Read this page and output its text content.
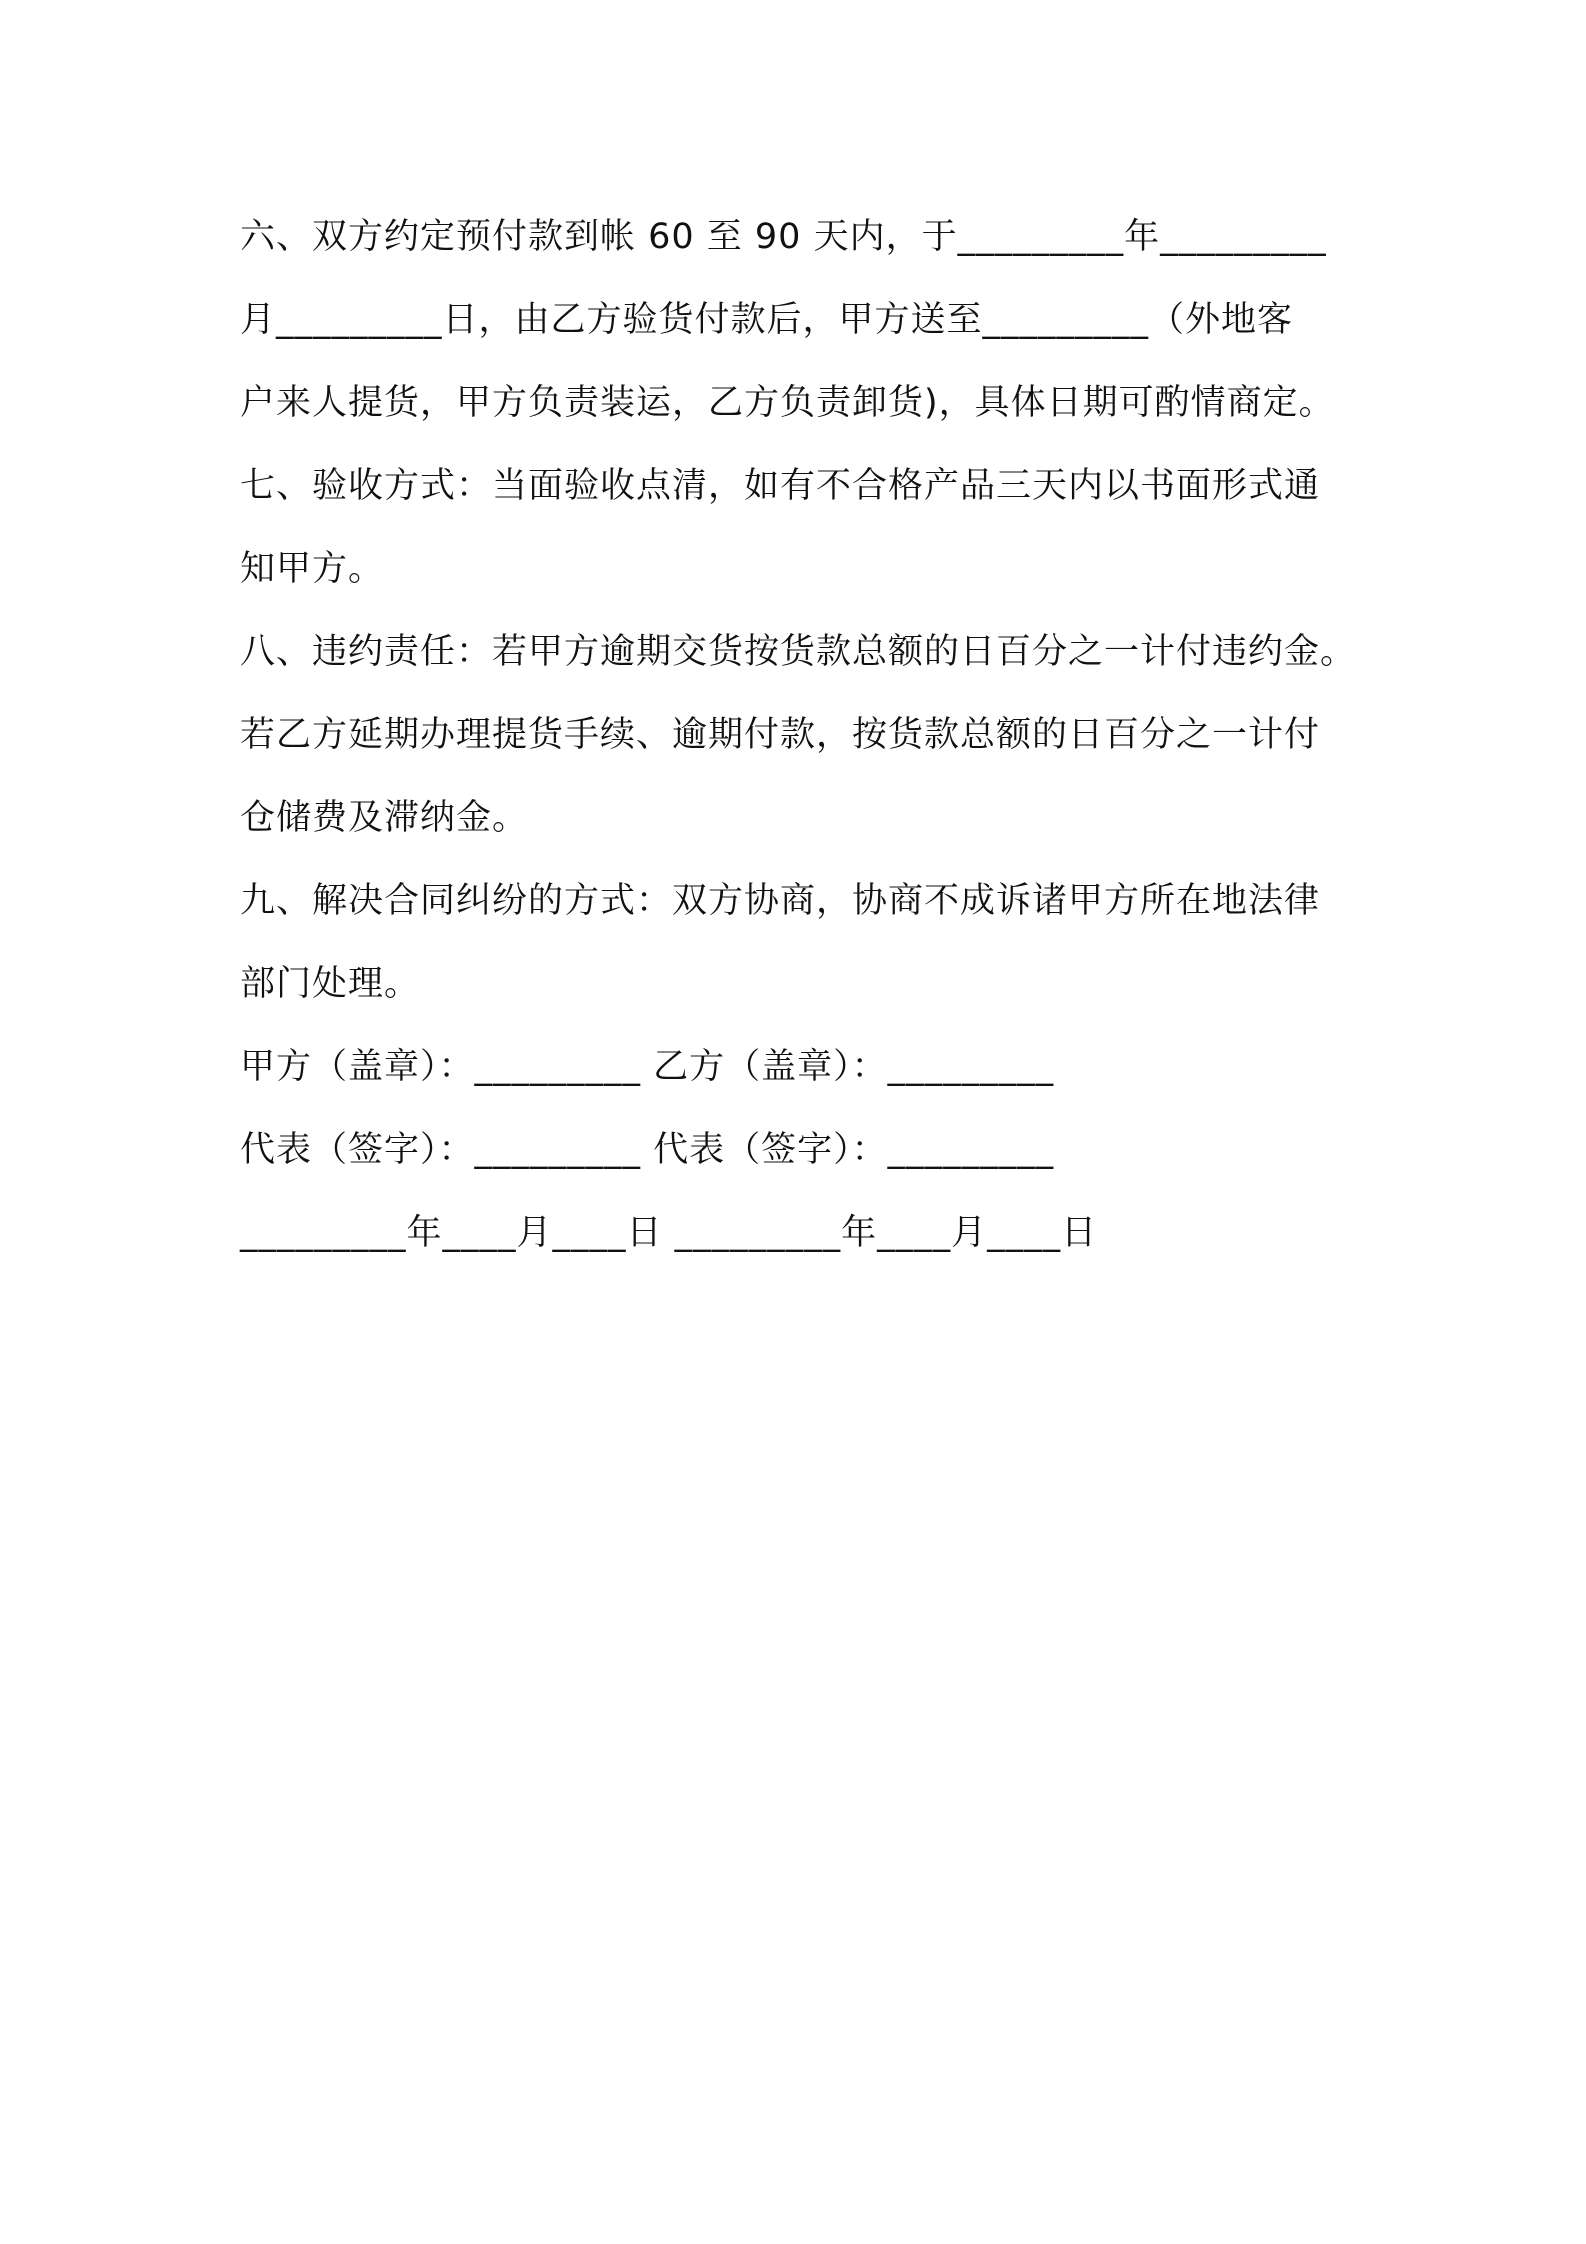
六、双方约定预付款到帐 60 至 90 天内，于_________年_________
月_________日，由乙方验货付款后，甲方送至_________（外地客
户来人提货，甲方负责装运，乙方负责卸货)，具体日期可酌情商定。
七、验收方式：当面验收点清，如有不合格产品三天内以书面形式通
知甲方。
八、违约责任：若甲方逾期交货按货款总额的日百分之一计付违约金。
若乙方延期办理提货手续、逾期付款，按货款总额的日百分之一计付
仓储费及滞纳金。
九、解决合同纠纷的方式：双方协商，协商不成诉诸甲方所在地法律
部门处理。
甲方（盖章）：_________ 乙方（盖章）：_________
代表（签字）：_________ 代表（签字）：_________
_________年____月____日 _________年____月____日
